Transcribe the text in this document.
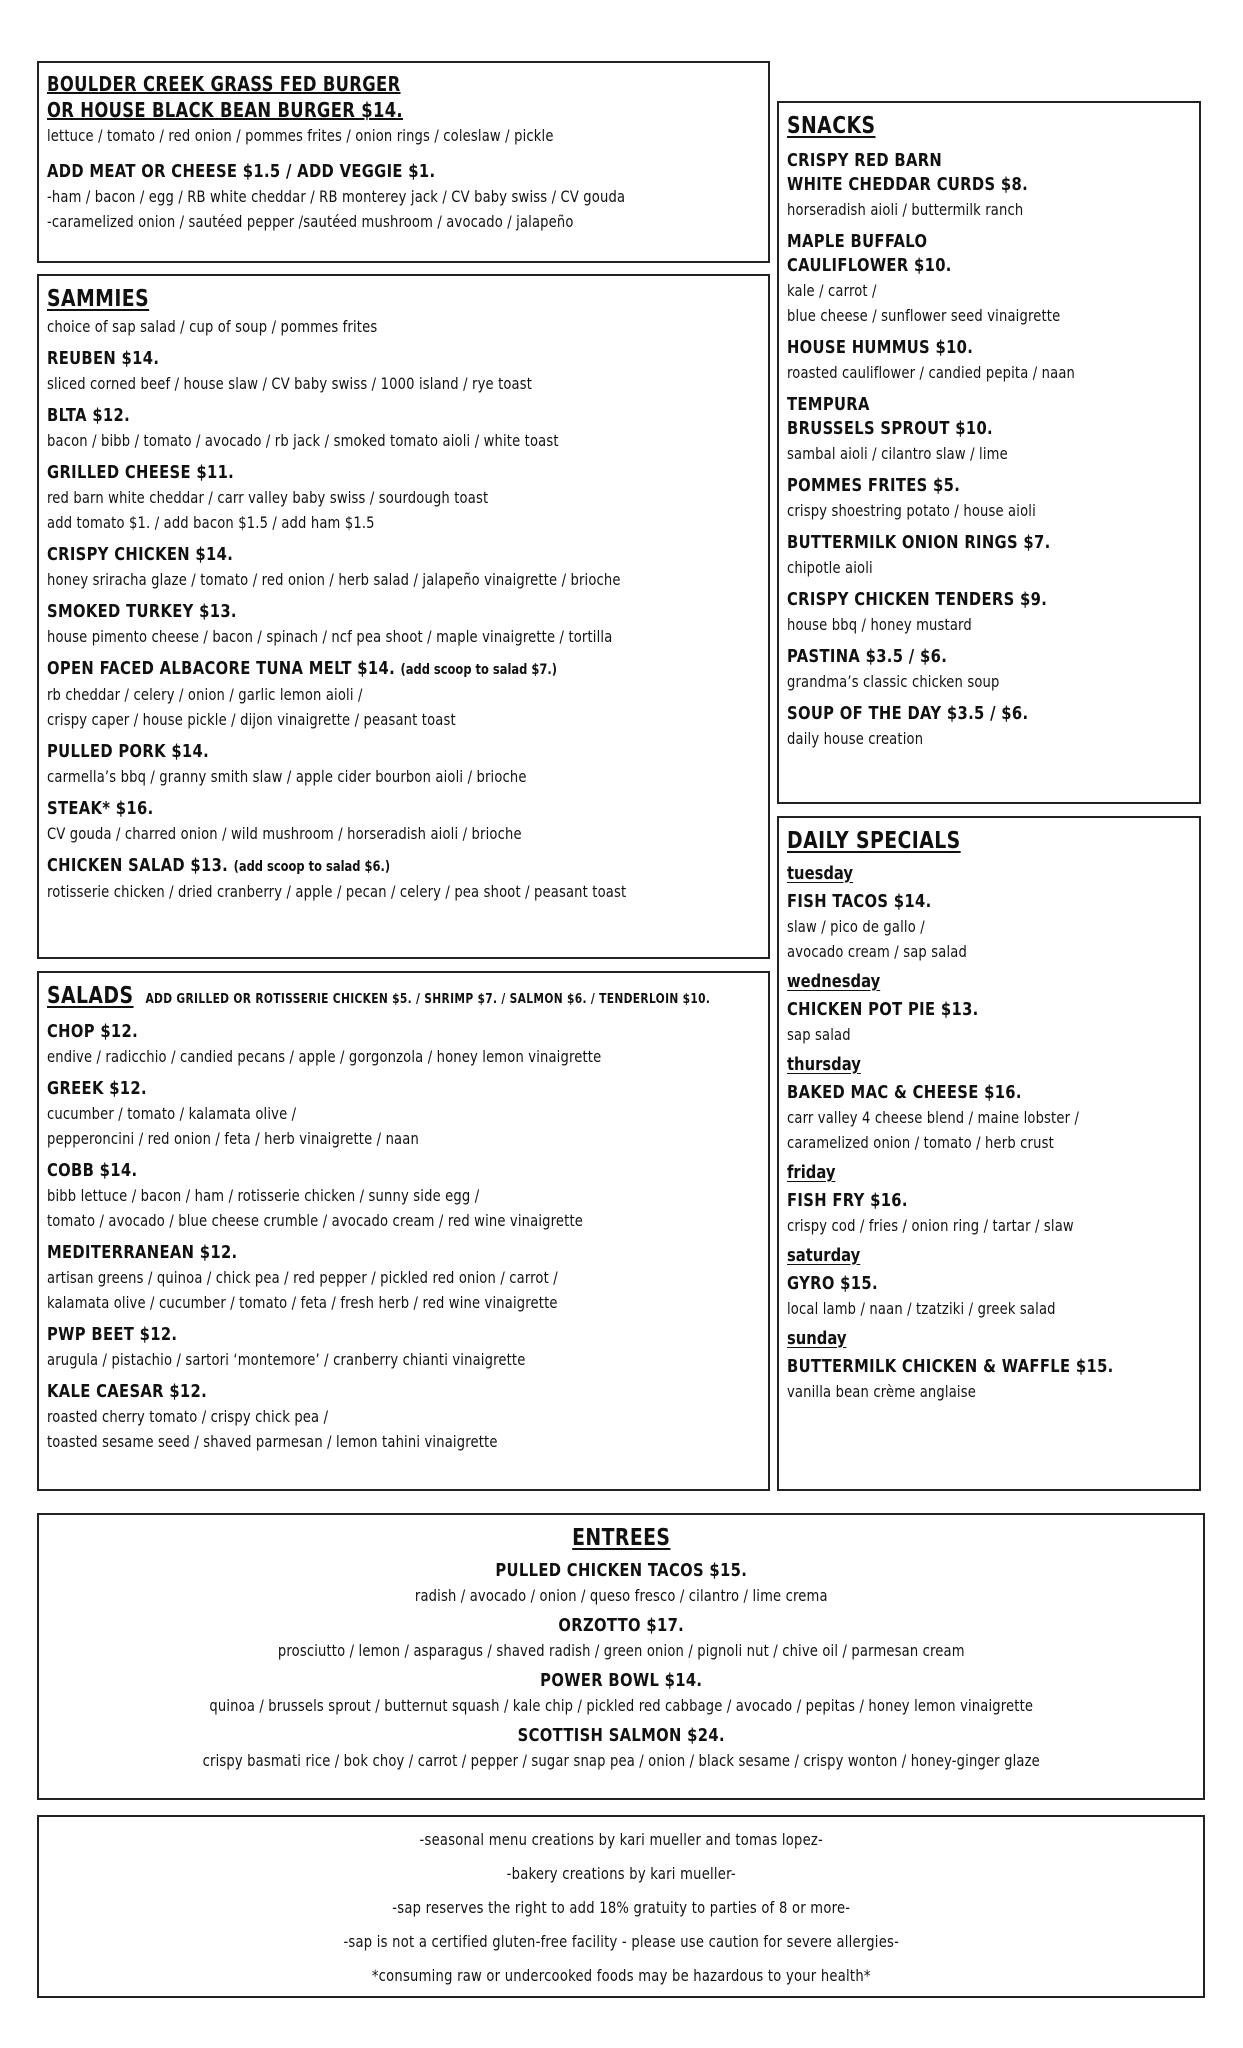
BOULDER CREEK GRASS FED BURGER
OR HOUSE BLACK BEAN BURGER $14.
lettuce / tomato / red onion / pommes frites / onion rings / coleslaw / pickle
ADD MEAT OR CHEESE $1.5 / ADD VEGGIE $1.
-ham / bacon / egg / RB white cheddar / RB monterey jack / CV baby swiss / CV gouda
-caramelized onion / sautéed pepper /sautéed mushroom / avocado / jalapeño
SAMMIES
choice of sap salad / cup of soup / pommes frites
REUBEN $14.
sliced corned beef / house slaw / CV baby swiss / 1000 island / rye toast
BLTA $12.
bacon / bibb / tomato / avocado / rb jack / smoked tomato aioli / white toast
GRILLED CHEESE $11.
red barn white cheddar / carr valley baby swiss / sourdough toast
add tomato $1. / add bacon $1.5 / add ham $1.5
CRISPY CHICKEN $14.
honey sriracha glaze / tomato / red onion / herb salad / jalapeño vinaigrette / brioche
SMOKED TURKEY $13.
house pimento cheese / bacon / spinach / ncf pea shoot / maple vinaigrette / tortilla
OPEN FACED ALBACORE TUNA MELT $14. (add scoop to salad $7.)
rb cheddar / celery / onion / garlic lemon aioli /
crispy caper / house pickle / dijon vinaigrette / peasant toast
PULLED PORK $14.
carmella’s bbq / granny smith slaw / apple cider bourbon aioli / brioche
STEAK* $16.
CV gouda / charred onion / wild mushroom / horseradish aioli / brioche
CHICKEN SALAD $13. (add scoop to salad $6.)
rotisserie chicken / dried cranberry / apple / pecan / celery / pea shoot / peasant toast
SALADS ADD GRILLED OR ROTISSERIE CHICKEN $5. / SHRIMP $7. / SALMON $6. / TENDERLOIN $10.
CHOP $12.
endive / radicchio / candied pecans / apple / gorgonzola / honey lemon vinaigrette
GREEK $12.
cucumber / tomato / kalamata olive /
pepperoncini / red onion / feta / herb vinaigrette / naan
COBB $14.
bibb lettuce / bacon / ham / rotisserie chicken / sunny side egg /
tomato / avocado / blue cheese crumble / avocado cream / red wine vinaigrette
MEDITERRANEAN $12.
artisan greens / quinoa / chick pea / red pepper / pickled red onion / carrot /
kalamata olive / cucumber / tomato / feta / fresh herb / red wine vinaigrette
PWP BEET $12.
arugula / pistachio / sartori ‘montemore’ / cranberry chianti vinaigrette
KALE CAESAR $12.
roasted cherry tomato / crispy chick pea /
toasted sesame seed / shaved parmesan / lemon tahini vinaigrette
SNACKS
CRISPY RED BARN
WHITE CHEDDAR CURDS $8.
horseradish aioli / buttermilk ranch
MAPLE BUFFALO
CAULIFLOWER $10.
kale / carrot /
blue cheese / sunflower seed vinaigrette
HOUSE HUMMUS $10.
roasted cauliflower / candied pepita / naan
TEMPURA
BRUSSELS SPROUT $10.
sambal aioli / cilantro slaw / lime
POMMES FRITES $5.
crispy shoestring potato / house aioli
BUTTERMILK ONION RINGS $7.
chipotle aioli
CRISPY CHICKEN TENDERS $9.
house bbq / honey mustard
PASTINA $3.5 / $6.
grandma’s classic chicken soup
SOUP OF THE DAY $3.5 / $6.
daily house creation
DAILY SPECIALS
tuesday
FISH TACOS $14.
slaw / pico de gallo /
avocado cream / sap salad
wednesday
CHICKEN POT PIE $13.
sap salad
thursday
BAKED MAC & CHEESE $16.
carr valley 4 cheese blend / maine lobster /
caramelized onion / tomato / herb crust
friday
FISH FRY $16.
crispy cod / fries / onion ring / tartar / slaw
saturday
GYRO $15.
local lamb / naan / tzatziki / greek salad
sunday
BUTTERMILK CHICKEN & WAFFLE $15.
vanilla bean crème anglaise
ENTREES
PULLED CHICKEN TACOS $15.
radish / avocado / onion / queso fresco / cilantro / lime crema
ORZOTTO $17.
prosciutto / lemon / asparagus / shaved radish / green onion / pignoli nut / chive oil / parmesan cream
POWER BOWL $14.
quinoa / brussels sprout / butternut squash / kale chip / pickled red cabbage / avocado / pepitas / honey lemon vinaigrette
SCOTTISH SALMON $24.
crispy basmati rice / bok choy / carrot / pepper / sugar snap pea / onion / black sesame / crispy wonton / honey-ginger glaze
-seasonal menu creations by kari mueller and tomas lopez-
-bakery creations by kari mueller-
-sap reserves the right to add 18% gratuity to parties of 8 or more-
-sap is not a certified gluten-free facility - please use caution for severe allergies-
*consuming raw or undercooked foods may be hazardous to your health*
